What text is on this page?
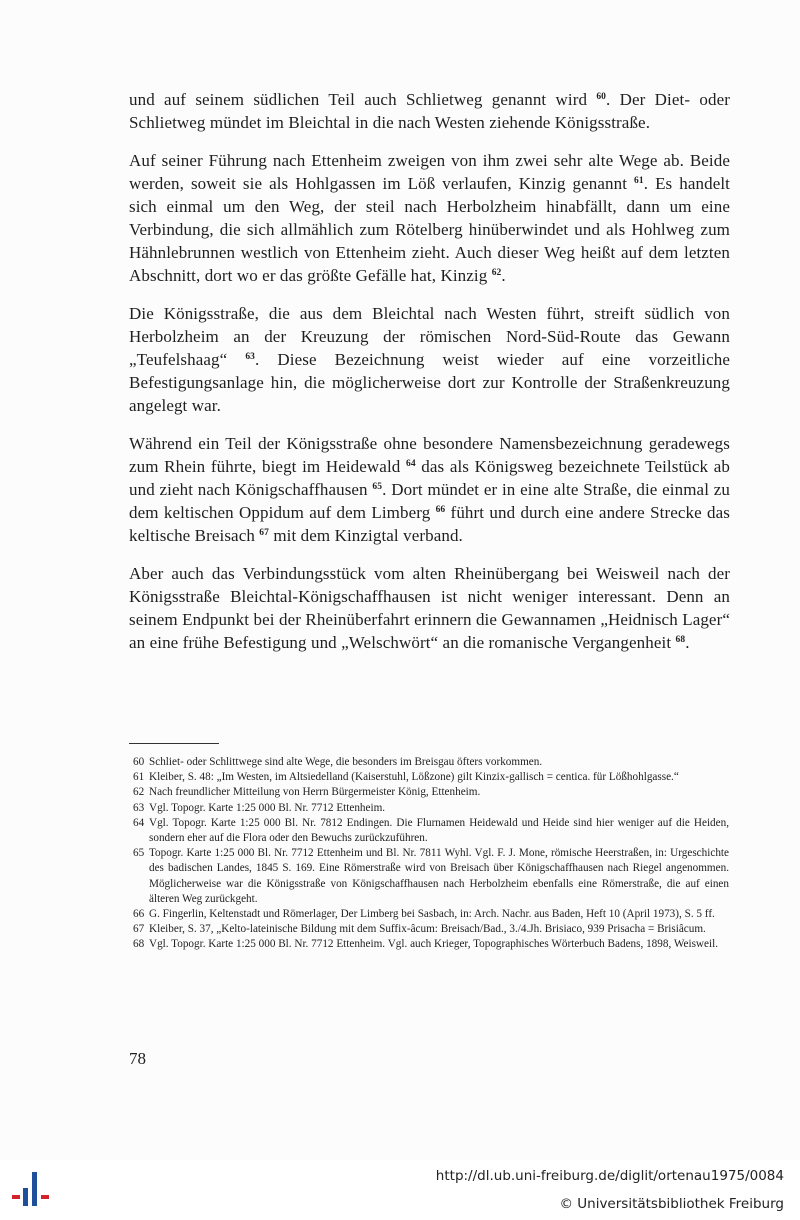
und auf seinem südlichen Teil auch Schlietweg genannt wird $^{60}$. Der Diet- oder Schlietweg mündet im Bleichtal in die nach Westen ziehende Königsstraße.

Auf seiner Führung nach Ettenheim zweigen von ihm zwei sehr alte Wege ab. Beide werden, soweit sie als Hohlgassen im Löß verlaufen, Kinzig genannt $^{61}$. Es handelt sich einmal um den Weg, der steil nach Herbolzheim hinabfällt, dann um eine Verbindung, die sich allmählich zum Rötelberg hinüberwindet und als Hohlweg zum Hähnlebrunnen westlich von Ettenheim zieht. Auch dieser Weg heißt auf dem letzten Abschnitt, dort wo er das größte Gefälle hat, Kinzig $^{62}$.

Die Königsstraße, die aus dem Bleichtal nach Westen führt, streift südlich von Herbolzheim an der Kreuzung der römischen Nord-Süd-Route das Gewann „Teufelshaag“ $^{63}$. Diese Bezeichnung weist wieder auf eine vorzeitliche Befestigungsanlage hin, die möglicherweise dort zur Kontrolle der Straßenkreuzung angelegt war.

Während ein Teil der Königsstraße ohne besondere Namensbezeichnung geradewegs zum Rhein führte, biegt im Heidewald $^{64}$ das als Königsweg bezeichnete Teilstück ab und zieht nach Königschaffhausen $^{65}$. Dort mündet er in eine alte Straße, die einmal zu dem keltischen Oppidum auf dem Limberg $^{66}$ führt und durch eine andere Strecke das keltische Breisach $^{67}$ mit dem Kinzigtal verband.

Aber auch das Verbindungsstück vom alten Rheinübergang bei Weisweil nach der Königsstraße Bleichtal-Königschaffhausen ist nicht weniger interessant. Denn an seinem Endpunkt bei der Rheinüberfahrt erinnern die Gewannamen „Heidnisch Lager“ an eine frühe Befestigung und „Welschwört“ an die romanische Vergangenheit $^{68}$.

60 Schliet- oder Schlittwege sind alte Wege, die besonders im Breisgau öfters vorkommen.
61 Kleiber, S. 48: „Im Westen, im Altsiedelland (Kaiserstuhl, Lößzone) gilt Kinzix-gallisch = centica. für Lößhohlgasse.“
62 Nach freundlicher Mitteilung von Herrn Bürgermeister König, Ettenheim.
63 Vgl. Topogr. Karte 1:25 000 Bl. Nr. 7712 Ettenheim.
64 Vgl. Topogr. Karte 1:25 000 Bl. Nr. 7812 Endingen. Die Flurnamen Heidewald und Heide sind hier weniger auf die Heiden, sondern eher auf die Flora oder den Bewuchs zurückzuführen.
65 Topogr. Karte 1:25 000 Bl. Nr. 7712 Ettenheim und Bl. Nr. 7811 Wyhl. Vgl. F. J. Mone, römische Heerstraßen, in: Urgeschichte des badischen Landes, 1845 S. 169. Eine Römerstraße wird von Breisach über Königschaffhausen nach Riegel angenommen. Möglicherweise war die Königsstraße von Königschaffhausen nach Herbolzheim ebenfalls eine Römerstraße, die auf einen älteren Weg zurückgeht.
66 G. Fingerlin, Keltenstadt und Römerlager, Der Limberg bei Sasbach, in: Arch. Nachr. aus Baden, Heft 10 (April 1973), S. 5 ff.
67 Kleiber, S. 37, „Kelto-lateinische Bildung mit dem Suffix-âcum: Breisach/Bad., 3./4.Jh. Brisiaco, 939 Prisacha = Brisiâcum.
68 Vgl. Topogr. Karte 1:25 000 Bl. Nr. 7712 Ettenheim. Vgl. auch Krieger, Topographisches Wörterbuch Badens, 1898, Weisweil.
78
http://dl.ub.uni-freiburg.de/diglit/ortenau1975/0084
© Universitätsbibliothek Freiburg
